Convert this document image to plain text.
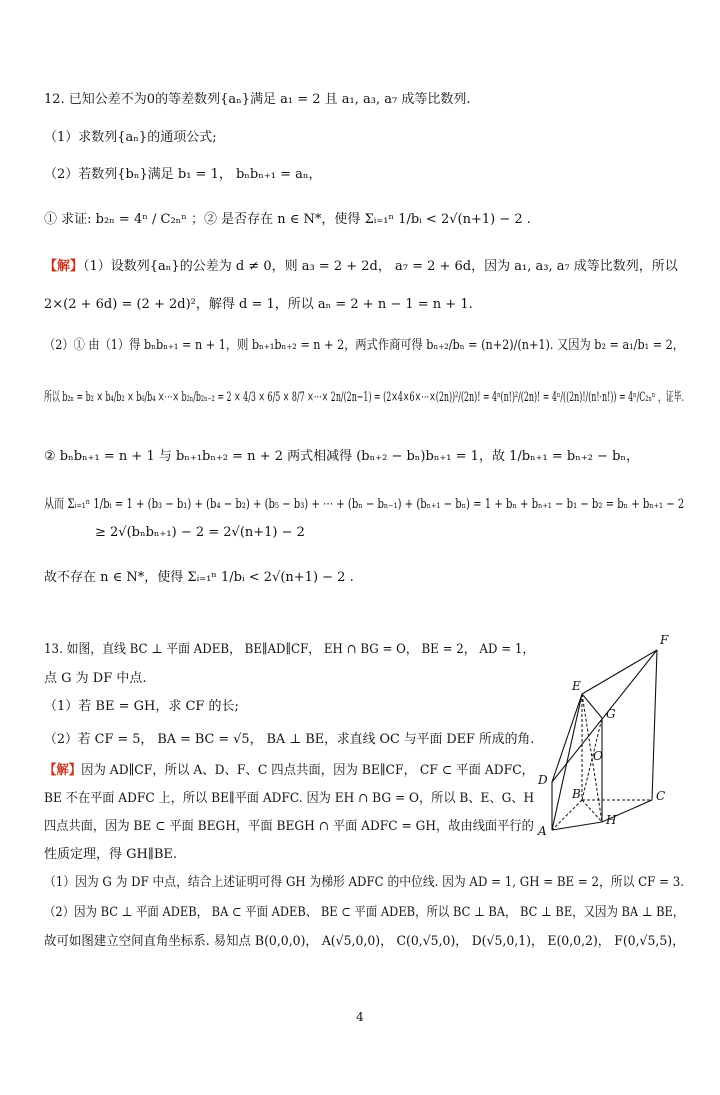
12. 已知公差不为0的等差数列{aₙ}满足 a₁ = 2 且 a₁, a₃, a₇ 成等比数列.
（1）求数列{aₙ}的通项公式;
（2）若数列{bₙ}满足 b₁ = 1， bₙbₙ₊₁ = aₙ，
① 求证: b₂ₙ = 4ⁿ / C₂ₙⁿ ；② 是否存在 n ∈ N*，使得 Σᵢ₌₁ⁿ 1/bᵢ < 2√(n+1) − 2 .
【解】（1）设数列{aₙ}的公差为 d ≠ 0，则 a₃ = 2 + 2d， a₇ = 2 + 6d，因为 a₁, a₃, a₇ 成等比数列，所以
2×(2 + 6d) = (2 + 2d)²，解得 d = 1，所以 aₙ = 2 + n − 1 = n + 1.
（2）① 由（1）得 bₙbₙ₊₁ = n + 1，则 bₙ₊₁bₙ₊₂ = n + 2，两式作商可得 bₙ₊₂/bₙ = (n+2)/(n+1). 又因为 b₂ = a₁/b₁ = 2，
所以 b₂ₙ = b₂ × b₄/b₂ × b₆/b₄ ×⋯× b₂ₙ/b₂ₙ₋₂ = 2 × 4/3 × 6/5 × 8/7 ×⋯× 2n/(2n−1) = (2×4×6×⋯×(2n))²/(2n)! = 4ⁿ(n!)²/(2n)! = 4ⁿ/((2n)!/(n!·n!)) = 4ⁿ/C₂ₙⁿ ，证毕.
② bₙbₙ₊₁ = n + 1 与 bₙ₊₁bₙ₊₂ = n + 2 两式相减得 (bₙ₊₂ − bₙ)bₙ₊₁ = 1，故 1/bₙ₊₁ = bₙ₊₂ − bₙ，
从而 Σᵢ₌₁ⁿ 1/bᵢ = 1 + (b₃ − b₁) + (b₄ − b₂) + (b₅ − b₃) + ⋯ + (bₙ − bₙ₋₁) + (bₙ₊₁ − bₙ) = 1 + bₙ + bₙ₊₁ − b₁ − b₂ = bₙ + bₙ₊₁ − 2
≥ 2√(bₙbₙ₊₁) − 2 = 2√(n+1) − 2
故不存在 n ∈ N*，使得 Σᵢ₌₁ⁿ 1/bᵢ < 2√(n+1) − 2 .
13. 如图，直线 BC ⊥ 平面 ADEB， BE∥AD∥CF， EH ∩ BG = O， BE = 2， AD = 1，
点 G 为 DF 中点.
（1）若 BE = GH，求 CF 的长;
（2）若 CF = 5， BA = BC = √5， BA ⊥ BE，求直线 OC 与平面 DEF 所成的角.
【解】因为 AD∥CF，所以 A、D、F、C 四点共面，因为 BE∥CF， CF ⊂ 平面 ADFC，
BE 不在平面 ADFC 上，所以 BE∥平面 ADFC. 因为 EH ∩ BG = O，所以 B、E、G、H
四点共面，因为 BE ⊂ 平面 BEGH，平面 BEGH ∩ 平面 ADFC = GH，故由线面平行的
性质定理，得 GH∥BE.
（1）因为 G 为 DF 中点，结合上述证明可得 GH 为梯形 ADFC 的中位线. 因为 AD = 1, GH = BE = 2，所以 CF = 3.
（2）因为 BC ⊥ 平面 ADEB， BA ⊂ 平面 ADEB、 BE ⊂ 平面 ADEB，所以 BC ⊥ BA， BC ⊥ BE，又因为 BA ⊥ BE，
故可如图建立空间直角坐标系. 易知点 B(0,0,0)， A(√5,0,0)， C(0,√5,0)， D(√5,0,1)， E(0,0,2)， F(0,√5,5)，
F
E
G
O
D
B	C
H
A
4
